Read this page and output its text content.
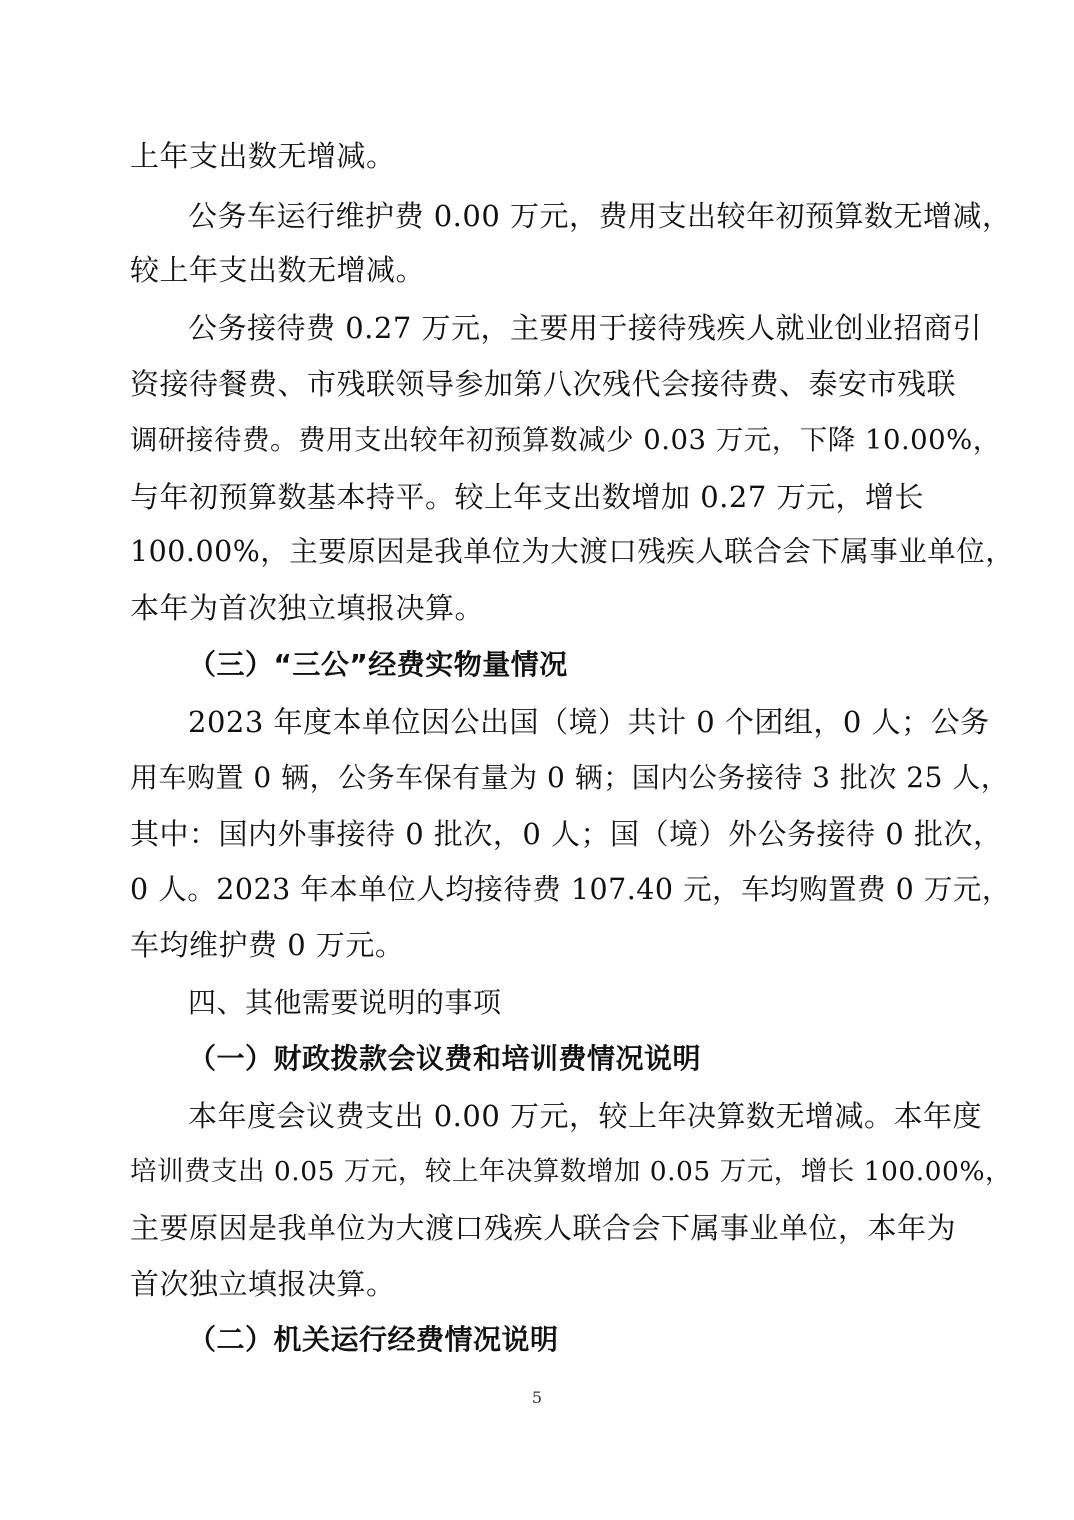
上年支出数无增减。
公务车运行维护费 0.00 万元，费用支出较年初预算数无增减，
较上年支出数无增减。
公务接待费 0.27 万元，主要用于接待残疾人就业创业招商引
资接待餐费、市残联领导参加第八次残代会接待费、泰安市残联
调研接待费。费用支出较年初预算数减少 0.03 万元，下降 10.00%，
与年初预算数基本持平。较上年支出数增加 0.27 万元，增长
100.00%，主要原因是我单位为大渡口残疾人联合会下属事业单位，
本年为首次独立填报决算。
（三）“三公”经费实物量情况
2023 年度本单位因公出国（境）共计 0 个团组，0 人；公务
用车购置 0 辆，公务车保有量为 0 辆；国内公务接待 3 批次 25 人，
其中：国内外事接待 0 批次，0 人；国（境）外公务接待 0 批次，
0 人。2023 年本单位人均接待费 107.40 元，车均购置费 0 万元，
车均维护费 0 万元。
四、其他需要说明的事项
（一）财政拨款会议费和培训费情况说明
本年度会议费支出 0.00 万元，较上年决算数无增减。本年度
培训费支出 0.05 万元，较上年决算数增加 0.05 万元，增长 100.00%，
主要原因是我单位为大渡口残疾人联合会下属事业单位，本年为
首次独立填报决算。
（二）机关运行经费情况说明
5
